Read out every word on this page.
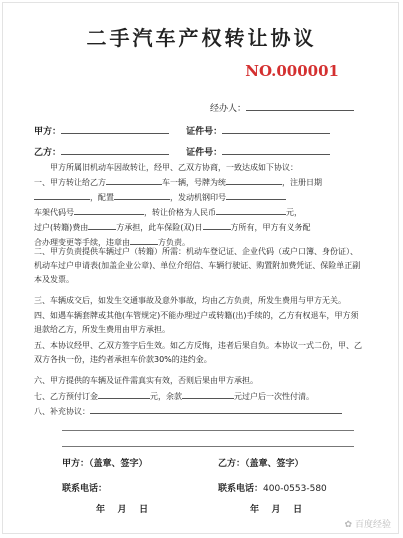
二手汽车产权转让协议
NO.000001
经办人：
甲方：	证件号：
乙方：	证件号：
甲方所属旧机动车因故转让，经甲、乙双方协商，一致达成如下协议：
一、甲方转让给乙方	车一辆，号牌为统	，注册日期
，配置	，发动机钢印号
车架代码号	，转让价格为人民币	元，
过户(转籍)费由	方承担，此车保险(双)日	方所有，甲方有义务配
合办理变更等手续，违章由	方负责。
二、甲方负责提供车辆过户（转籍）所需：机动车登记证、企业代码（或户口簿、身份证）、机动车过户申请表(加盖企业公章)、单位介绍信、车辆行驶证、购置附加费凭证、保险单正副本及发票。
三、车辆成交后，如发生交通事故及意外事故，均由乙方负责，所发生费用与甲方无关。
四、如遇车辆套牌或其他(车管规定)不能办理过户或转籍(出)手续的，乙方有权退车，甲方须退款给乙方，所发生费用由甲方承担。
五、本协议经甲、乙双方签字后生效。如乙方反悔，违者后果自负。本协议一式二份，甲、乙双方各执一份，违约者承担车价款30%的违约金。
六、甲方提供的车辆及证件需真实有效，否则后果由甲方承担。
七、乙方预付订金	元，余款	元过户后一次性付清。
八、补充协议：
甲方：（盖章、签字）	乙方：（盖章、签字）
联系电话：	联系电话：400-0553-580
年    月    日	年    月    日
✿ 百度经验
